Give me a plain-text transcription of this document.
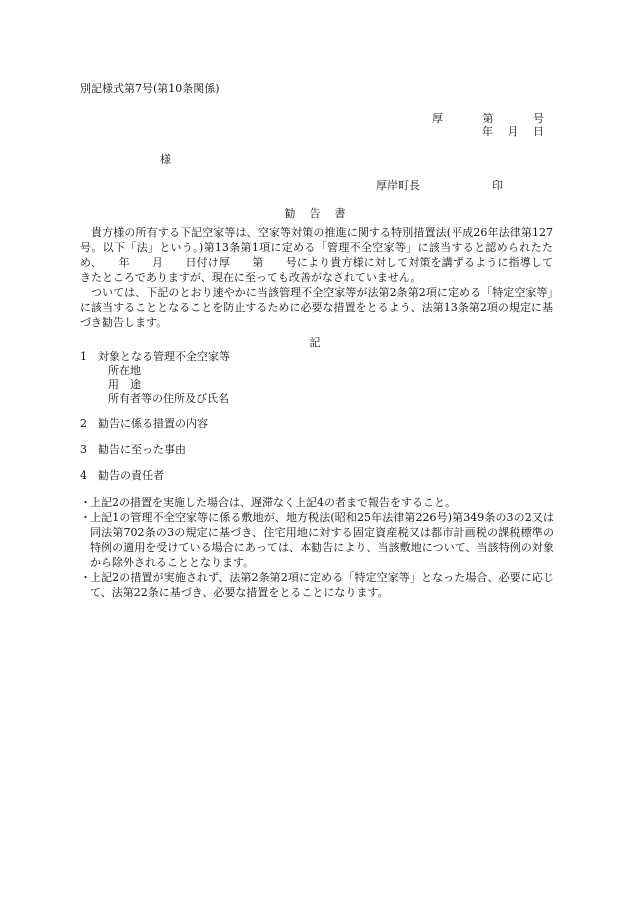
別記様式第7号(第10条関係)
厚	第	号
年 月 日
様
厚岸町長	印
勧告書

貴方様の所有する下記空家等は、空家等対策の推進に関する特別措置法(平成26年法律第127号。以下「法」という。)第13条第1項に定める「管理不全空家等」に該当すると認められたため、　　年　　月　　日付け厚　　第　　号により貴方様に対して対策を講ずるように指導してきたところでありますが、現在に至っても改善がなされていません。

ついては、下記のとおり速やかに当該管理不全空家等が法第2条第2項に定める「特定空家等」に該当することとなることを防止するために必要な措置をとるよう、法第13条第2項の規定に基づき勧告します。

記
1　対象となる管理不全空家等
所在地
用　途
所有者等の住所及び氏名
2　勧告に係る措置の内容
3　勧告に至った事由
4　勧告の責任者

・ 上記2の措置を実施した場合は、遅滞なく上記4の者まで報告をすること。

・ 上記1の管理不全空家等に係る敷地が、地方税法(昭和25年法律第226号)第349条の3の2又は同法第702条の3の規定に基づき、住宅用地に対する固定資産税又は都市計画税の課税標準の特例の適用を受けている場合にあっては、本勧告により、当該敷地について、当該特例の対象から除外されることとなります。

・ 上記2の措置が実施されず、法第2条第2項に定める「特定空家等」となった場合、必要に応じて、法第22条に基づき、必要な措置をとることになります。
